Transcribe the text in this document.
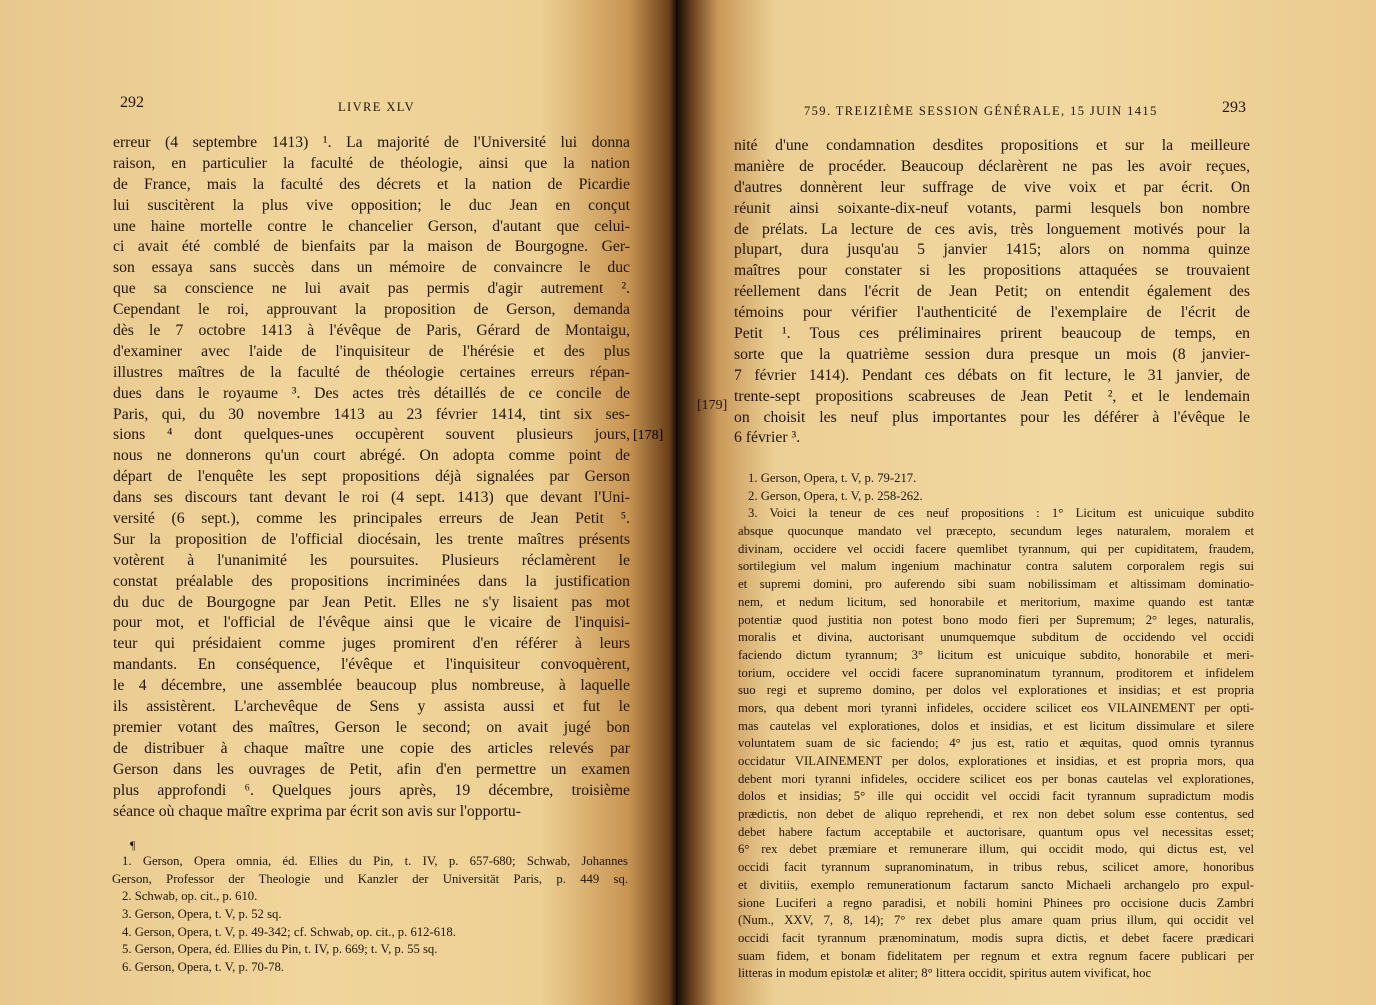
292	LIVRE XLV
erreur (4 septembre 1413) ¹. La majorité de l'Université lui donna
raison, en particulier la faculté de théologie, ainsi que la nation
de France, mais la faculté des décrets et la nation de Picardie
lui suscitèrent la plus vive opposition; le duc Jean en conçut
une haine mortelle contre le chancelier Gerson, d'autant que celui-
ci avait été comblé de bienfaits par la maison de Bourgogne. Ger-
son essaya sans succès dans un mémoire de convaincre le duc
que sa conscience ne lui avait pas permis d'agir autrement ².
Cependant le roi, approuvant la proposition de Gerson, demanda
dès le 7 octobre 1413 à l'évêque de Paris, Gérard de Montaigu,
d'examiner avec l'aide de l'inquisiteur de l'hérésie et des plus
illustres maîtres de la faculté de théologie certaines erreurs répan-
dues dans le royaume ³. Des actes très détaillés de ce concile de
Paris, qui, du 30 novembre 1413 au 23 février 1414, tint six ses-
sions ⁴ dont quelques-unes occupèrent souvent plusieurs jours,
nous ne donnerons qu'un court abrégé. On adopta comme point de
départ de l'enquête les sept propositions déjà signalées par Gerson
dans ses discours tant devant le roi (4 sept. 1413) que devant l'Uni-
versité (6 sept.), comme les principales erreurs de Jean Petit ⁵.
Sur la proposition de l'official diocésain, les trente maîtres présents
votèrent à l'unanimité les poursuites. Plusieurs réclamèrent le
constat préalable des propositions incriminées dans la justification
du duc de Bourgogne par Jean Petit. Elles ne s'y lisaient pas mot
pour mot, et l'official de l'évêque ainsi que le vicaire de l'inquisi-
teur qui présidaient comme juges promirent d'en référer à leurs
mandants. En conséquence, l'évêque et l'inquisiteur convoquèrent,
le 4 décembre, une assemblée beaucoup plus nombreuse, à laquelle
ils assistèrent. L'archevêque de Sens y assista aussi et fut le
premier votant des maîtres, Gerson le second; on avait jugé bon
de distribuer à chaque maître une copie des articles relevés par
Gerson dans les ouvrages de Petit, afin d'en permettre un examen
plus approfondi ⁶. Quelques jours après, 19 décembre, troisième
séance où chaque maître exprima par écrit son avis sur l'opportu-
¶
1. Gerson, Opera omnia, éd. Ellies du Pin, t. IV, p. 657-680; Schwab, Johannes
Gerson, Professor der Theologie und Kanzler der Universität Paris, p. 449 sq.
2. Schwab, op. cit., p. 610.
3. Gerson, Opera, t. V, p. 52 sq.
4. Gerson, Opera, t. V, p. 49-342; cf. Schwab, op. cit., p. 612-618.
5. Gerson, Opera, éd. Ellies du Pin, t. IV, p. 669; t. V, p. 55 sq.
6. Gerson, Opera, t. V, p. 70-78.
[178]
759. TREIZIÈME SESSION GÉNÉRALE, 15 JUIN 1415	293
nité d'une condamnation desdites propositions et sur la meilleure
manière de procéder. Beaucoup déclarèrent ne pas les avoir reçues,
d'autres donnèrent leur suffrage de vive voix et par écrit. On
réunit ainsi soixante-dix-neuf votants, parmi lesquels bon nombre
de prélats. La lecture de ces avis, très longuement motivés pour la
plupart, dura jusqu'au 5 janvier 1415; alors on nomma quinze
maîtres pour constater si les propositions attaquées se trouvaient
réellement dans l'écrit de Jean Petit; on entendit également des
témoins pour vérifier l'authenticité de l'exemplaire de l'écrit de
Petit ¹. Tous ces préliminaires prirent beaucoup de temps, en
sorte que la quatrième session dura presque un mois (8 janvier-
7 février 1414). Pendant ces débats on fit lecture, le 31 janvier, de
trente-sept propositions scabreuses de Jean Petit ², et le lendemain
on choisit les neuf plus importantes pour les déférer à l'évêque le
6 février ³.
[179]
1. Gerson, Opera, t. V, p. 79-217.
2. Gerson, Opera, t. V, p. 258-262.
3. Voici la teneur de ces neuf propositions : 1° Licitum est unicuique subdito
absque quocunque mandato vel præcepto, secundum leges naturalem, moralem et
divinam, occidere vel occidi facere quemlibet tyrannum, qui per cupiditatem, fraudem,
sortilegium vel malum ingenium machinatur contra salutem corporalem regis sui
et supremi domini, pro auferendo sibi suam nobilissimam et altissimam dominatio-
nem, et nedum licitum, sed honorabile et meritorium, maxime quando est tantæ
potentiæ quod justitia non potest bono modo fieri per Supremum; 2° leges, naturalis,
moralis et divina, auctorisant unumquemque subditum de occidendo vel occidi
faciendo dictum tyrannum; 3° licitum est unicuique subdito, honorabile et meri-
torium, occidere vel occidi facere supranominatum tyrannum, proditorem et infidelem
suo regi et supremo domino, per dolos vel explorationes et insidias; et est propria
mors, qua debent mori tyranni infideles, occidere scilicet eos VILAINEMENT per opti-
mas cautelas vel explorationes, dolos et insidias, et est licitum dissimulare et silere
voluntatem suam de sic faciendo; 4° jus est, ratio et æquitas, quod omnis tyrannus
occidatur VILAINEMENT per dolos, explorationes et insidias, et est propria mors, qua
debent mori tyranni infideles, occidere scilicet eos per bonas cautelas vel explorationes,
dolos et insidias; 5° ille qui occidit vel occidi facit tyrannum supradictum modis
prædictis, non debet de aliquo reprehendi, et rex non debet solum esse contentus, sed
debet habere factum acceptabile et auctorisare, quantum opus vel necessitas esset;
6° rex debet præmiare et remunerare illum, qui occidit modo, qui dictus est, vel
occidi facit tyrannum supranominatum, in tribus rebus, scilicet amore, honoribus
et divitiis, exemplo remunerationum factarum sancto Michaeli archangelo pro expul-
sione Luciferi a regno paradisi, et nobili homini Phinees pro occisione ducis Zambri
(Num., XXV, 7, 8, 14); 7° rex debet plus amare quam prius illum, qui occidit vel
occidi facit tyrannum prænominatum, modis supra dictis, et debet facere prædicari
suam fidem, et bonam fidelitatem per regnum et extra regnum facere publicari per
litteras in modum epistolæ et aliter; 8° littera occidit, spiritus autem vivificat, hoc
